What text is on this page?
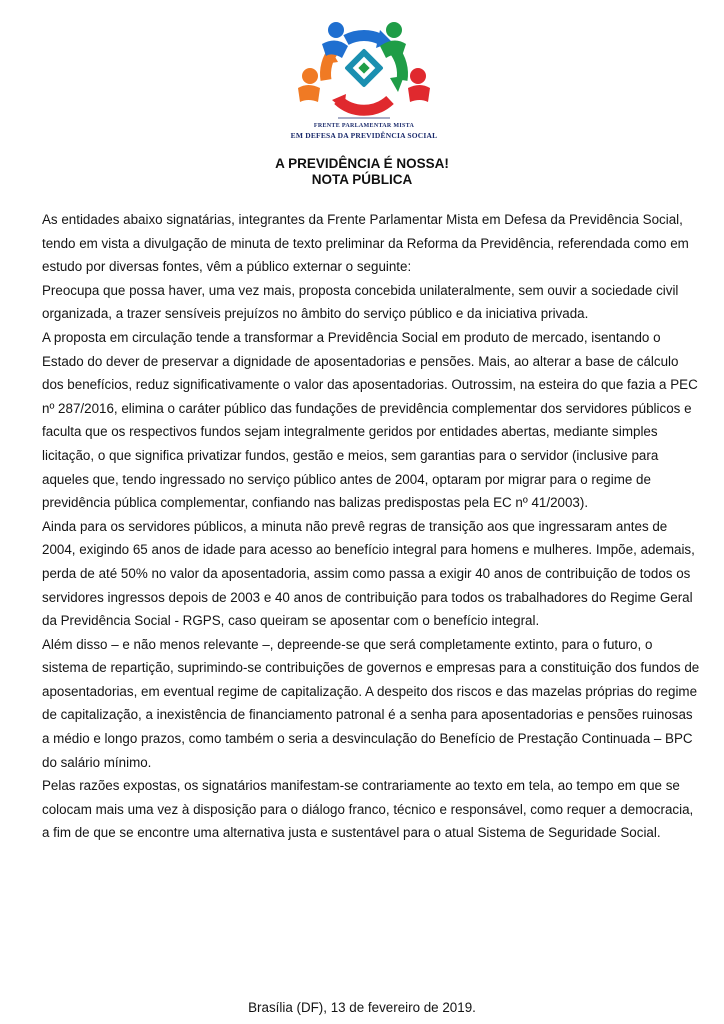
FRENTE PARLAMENTAR MISTA
EM DEFESA DA PREVIDÊNCIA SOCIAL
A PREVIDÊNCIA É NOSSA!
NOTA PÚBLICA

As entidades abaixo signatárias, integrantes da Frente Parlamentar Mista em Defesa da Previdência Social, tendo em vista a divulgação de minuta de texto preliminar da Reforma da Previdência, referendada como em estudo por diversas fontes, vêm a público externar o seguinte:

Preocupa que possa haver, uma vez mais, proposta concebida unilateralmente, sem ouvir a sociedade civil organizada, a trazer sensíveis prejuízos no âmbito do serviço público e da iniciativa privada.

A proposta em circulação tende a transformar a Previdência Social em produto de mercado, isentando o Estado do dever de preservar a dignidade de aposentadorias e pensões. Mais, ao alterar a base de cálculo dos benefícios, reduz significativamente o valor das aposentadorias. Outrossim, na esteira do que fazia a PEC nº 287/2016, elimina o caráter público das fundações de previdência complementar dos servidores públicos e faculta que os respectivos fundos sejam integralmente geridos por entidades abertas, mediante simples licitação, o que significa privatizar fundos, gestão e meios, sem garantias para o servidor (inclusive para aqueles que, tendo ingressado no serviço público antes de 2004, optaram por migrar para o regime de previdência pública complementar, confiando nas balizas predispostas pela EC nº 41/2003).

Ainda para os servidores públicos, a minuta não prevê regras de transição aos que ingressaram antes de 2004, exigindo 65 anos de idade para acesso ao benefício integral para homens e mulheres. Impõe, ademais, perda de até 50% no valor da aposentadoria, assim como passa a exigir 40 anos de contribuição de todos os servidores ingressos depois de 2003 e 40 anos de contribuição para todos os trabalhadores do Regime Geral da Previdência Social - RGPS, caso queiram se aposentar com o benefício integral.

Além disso – e não menos relevante –, depreende-se que será completamente extinto, para o futuro, o sistema de repartição, suprimindo-se contribuições de governos e empresas para a constituição dos fundos de aposentadorias, em eventual regime de capitalização. A despeito dos riscos e das mazelas próprias do regime de capitalização, a inexistência de financiamento patronal é a senha para aposentadorias e pensões ruinosas a médio e longo prazos, como também o seria a desvinculação do Benefício de Prestação Continuada – BPC do salário mínimo.

Pelas razões expostas, os signatários manifestam-se contrariamente ao texto em tela, ao tempo em que se colocam mais uma vez à disposição para o diálogo franco, técnico e responsável, como requer a democracia, a fim de que se encontre uma alternativa justa e sustentável para o atual Sistema de Seguridade Social.

Brasília (DF), 13 de fevereiro de 2019.
